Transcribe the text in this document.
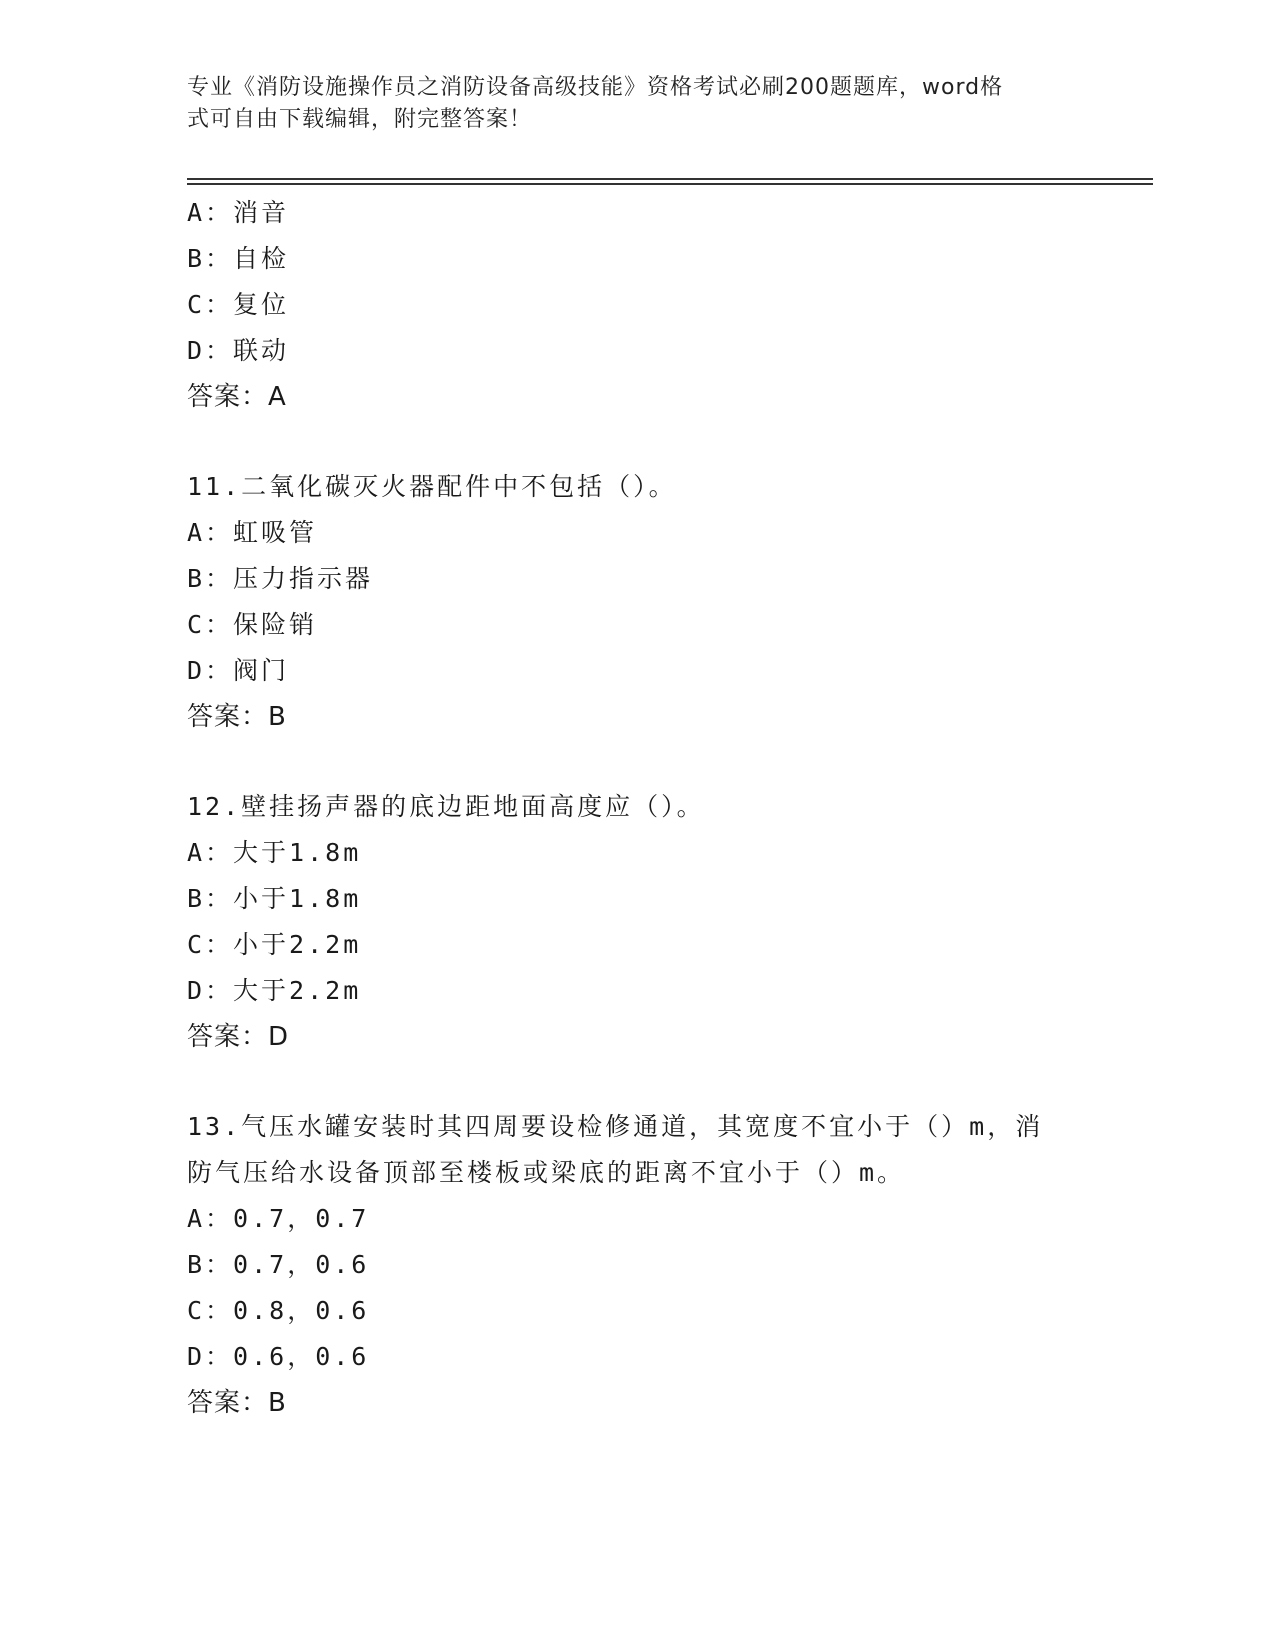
专业《消防设施操作员之消防设备高级技能》资格考试必刷200题题库，word格
式可自由下载编辑，附完整答案！
A：消音
B：自检
C：复位
D：联动
答案：A
11.二氧化碳灭火器配件中不包括（）。
A：虹吸管
B：压力指示器
C：保险销
D：阀门
答案：B
12.壁挂扬声器的底边距地面高度应（）。
A：大于1.8m
B：小于1.8m
C：小于2.2m
D：大于2.2m
答案：D
13.气压水罐安装时其四周要设检修通道，其宽度不宜小于（）m，消
防气压给水设备顶部至楼板或梁底的距离不宜小于（）m。
A：0.7，0.7
B：0.7，0.6
C：0.8，0.6
D：0.6，0.6
答案：B
